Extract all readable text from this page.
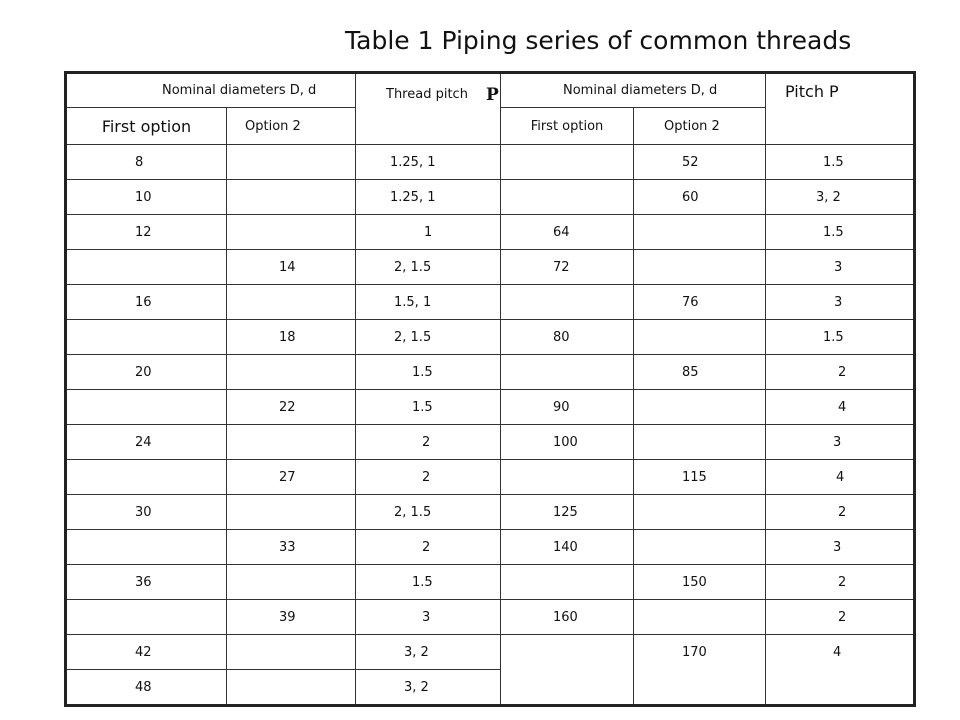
Table 1 Piping series of common threads
Nominal diameters D, d		Thread pitch P	Nominal diameters D, d		Pitch P
First option	Option 2		First option	Option 2	

8		1.25, 1		52	1.5

10		1.25, 1		60	3, 2

12		1	64		1.5

	14	2, 1.5	72		3

16		1.5, 1		76	3

	18	2, 1.5	80		1.5

20		1.5		85	2

	22	1.5	90		4

24		2	100		3

	27	2		115	4

30		2, 1.5	125		2

	33	2	140		3

36		1.5		150	2

	39	3	160		2

42		3, 2		170	4

48		3, 2			
